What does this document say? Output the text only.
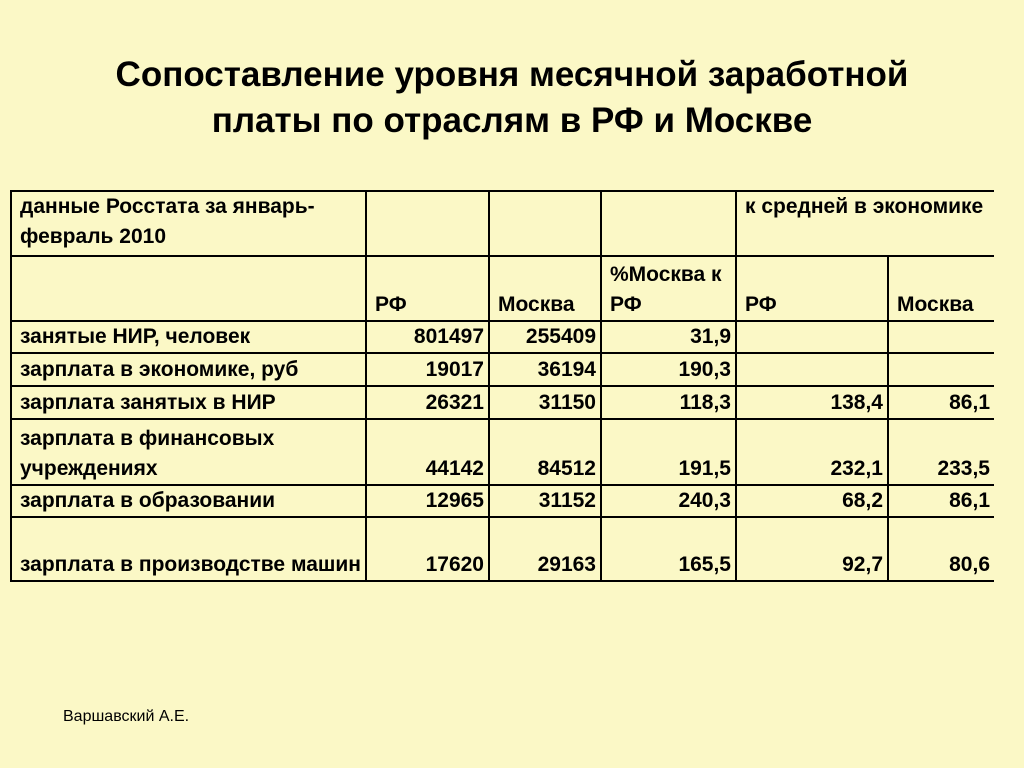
Сопоставление уровня месячной заработной
платы по отраслям в РФ и Москве
данные Росстата за январь-февраль 2010				к средней в экономике	
	РФ	Москва	%Москва к РФ	РФ	Москва
занятые НИР, человек	801497	255409	31,9		
зарплата в экономике, руб	19017	36194	190,3		
зарплата занятых в НИР	26321	31150	118,3	138,4	86,1
зарплата в финансовых учреждениях	44142	84512	191,5	232,1	233,5
зарплата в образовании	12965	31152	240,3	68,2	86,1
зарплата в производстве машин	17620	29163	165,5	92,7	80,6
Варшавский А.Е.
